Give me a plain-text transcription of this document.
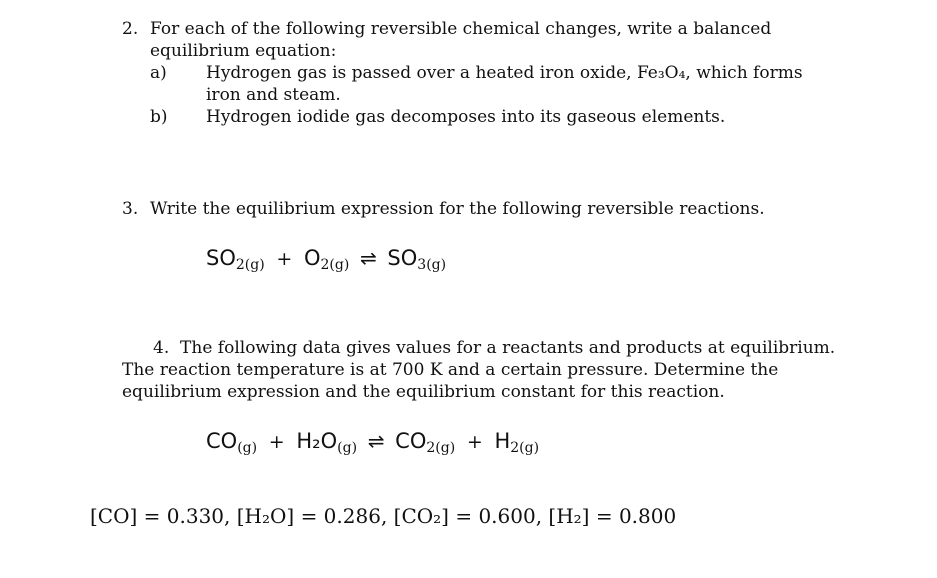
2. For each of the following reversible chemical changes, write a balanced equilibrium equation:
a) Hydrogen gas is passed over a heated iron oxide, Fe₃O₄, which forms iron and steam.
b) Hydrogen iodide gas decomposes into its gaseous elements.
3. Write the equilibrium expression for the following reversible reactions.
SO2(g) + O2(g) ⇌ SO3(g)
4. The following data gives values for a reactants and products at equilibrium. The reaction temperature is at 700 K and a certain pressure. Determine the equilibrium expression and the equilibrium constant for this reaction.
CO(g) + H₂O(g) ⇌ CO2(g) + H2(g)
[CO] = 0.330, [H₂O] = 0.286, [CO₂] = 0.600, [H₂] = 0.800
